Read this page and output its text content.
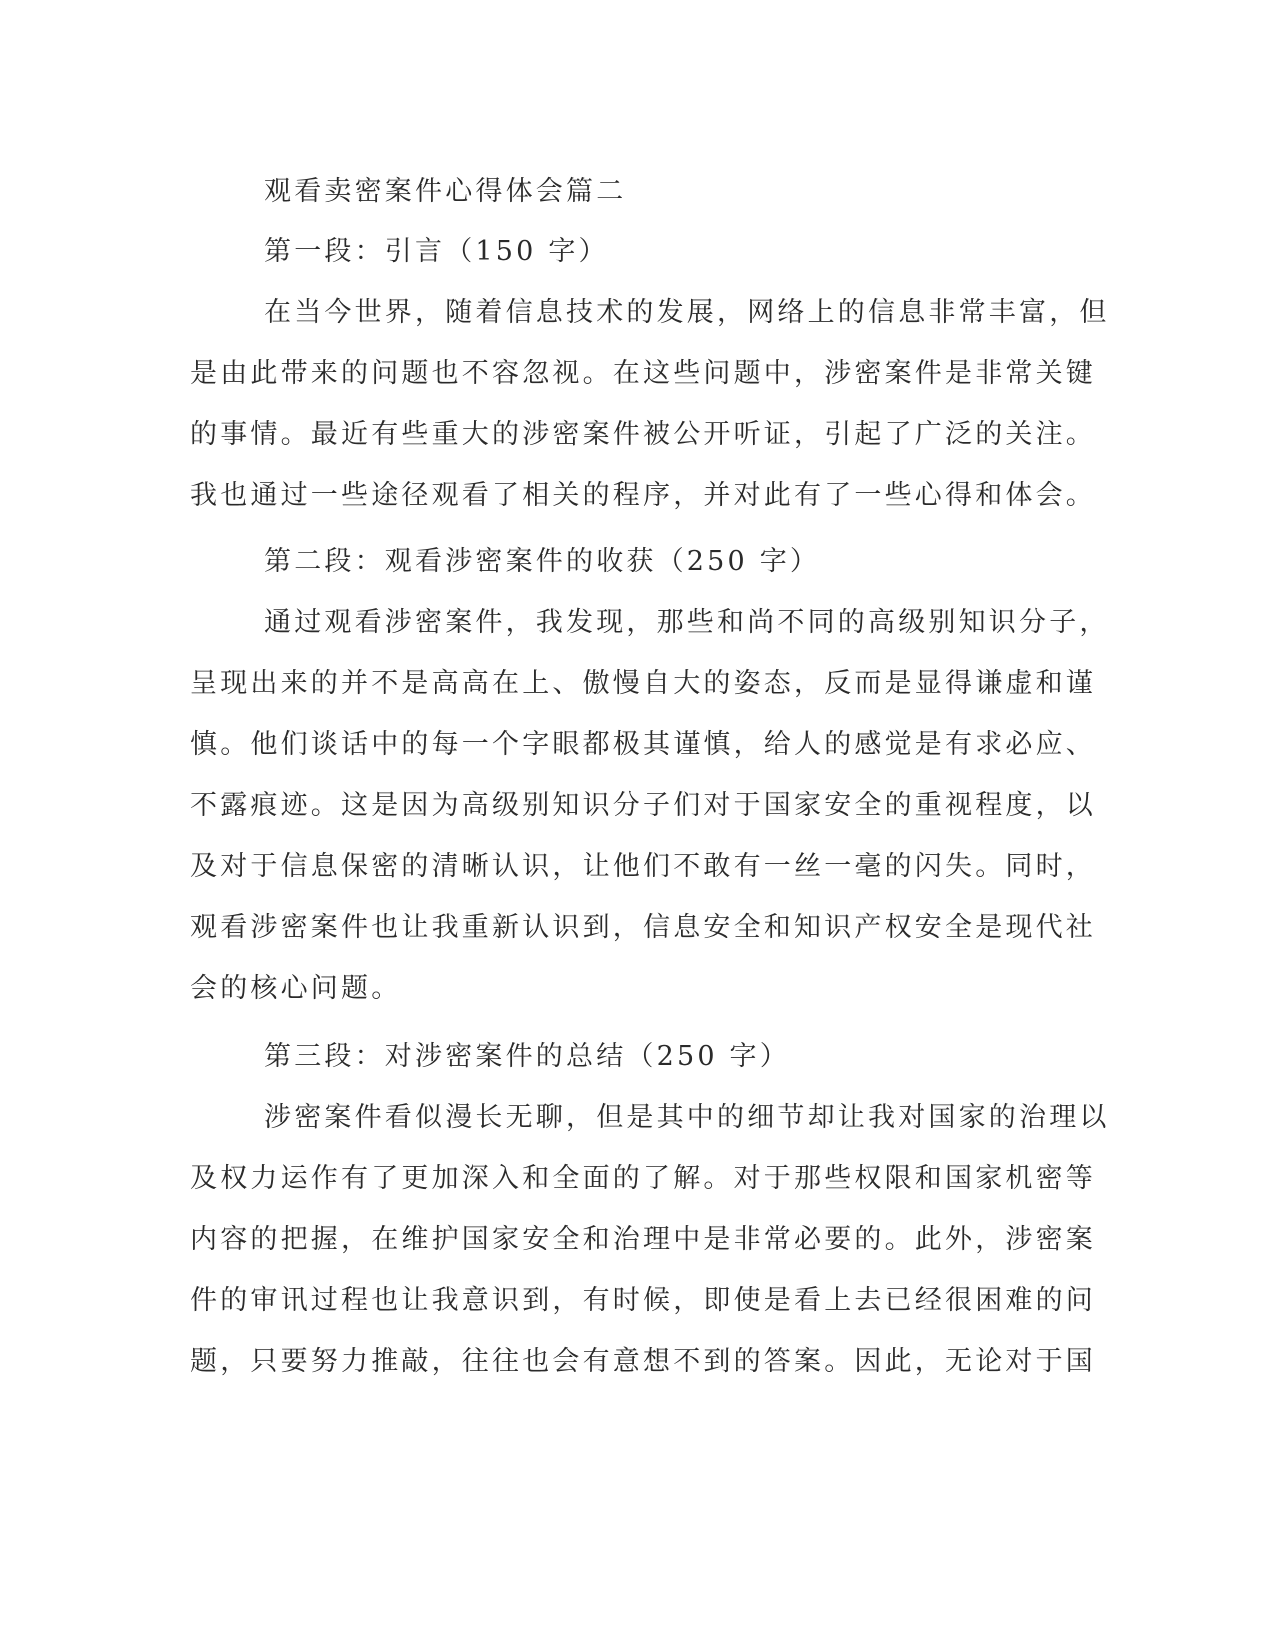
观看卖密案件心得体会篇二
第一段：引言（150 字）
在当今世界，随着信息技术的发展，网络上的信息非常丰富，但
是由此带来的问题也不容忽视。在这些问题中，涉密案件是非常关键
的事情。最近有些重大的涉密案件被公开听证，引起了广泛的关注。
我也通过一些途径观看了相关的程序，并对此有了一些心得和体会。
第二段：观看涉密案件的收获（250 字）
通过观看涉密案件，我发现，那些和尚不同的高级别知识分子，
呈现出来的并不是高高在上、傲慢自大的姿态，反而是显得谦虚和谨
慎。他们谈话中的每一个字眼都极其谨慎，给人的感觉是有求必应、
不露痕迹。这是因为高级别知识分子们对于国家安全的重视程度，以
及对于信息保密的清晰认识，让他们不敢有一丝一毫的闪失。同时，
观看涉密案件也让我重新认识到，信息安全和知识产权安全是现代社
会的核心问题。
第三段：对涉密案件的总结（250 字）
涉密案件看似漫长无聊，但是其中的细节却让我对国家的治理以
及权力运作有了更加深入和全面的了解。对于那些权限和国家机密等
内容的把握，在维护国家安全和治理中是非常必要的。此外，涉密案
件的审讯过程也让我意识到，有时候，即使是看上去已经很困难的问
题，只要努力推敲，往往也会有意想不到的答案。因此，无论对于国
